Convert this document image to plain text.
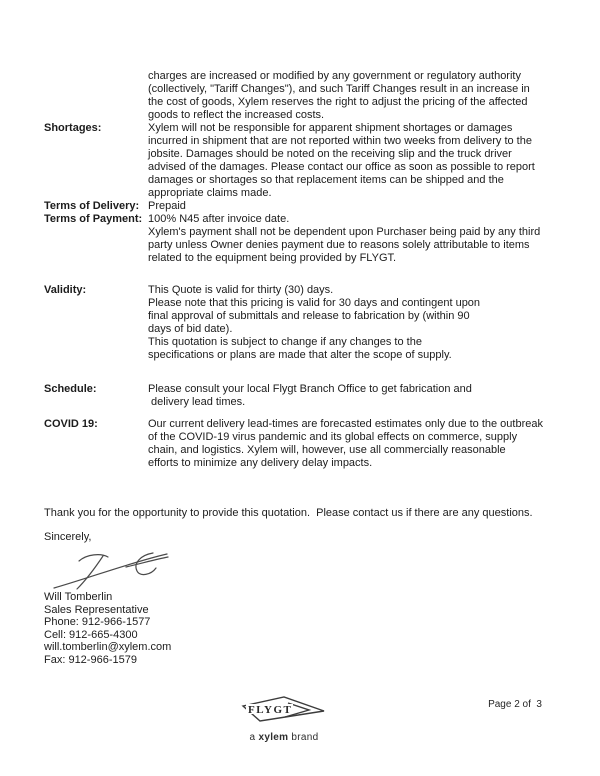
charges are increased or modified by any government or regulatory authority
(collectively, "Tariff Changes"), and such Tariff Changes result in an increase in
the cost of goods, Xylem reserves the right to adjust the pricing of the affected
goods to reflect the increased costs.
Shortages:	Xylem will not be responsible for apparent shipment shortages or damages
incurred in shipment that are not reported within two weeks from delivery to the
jobsite. Damages should be noted on the receiving slip and the truck driver
advised of the damages. Please contact our office as soon as possible to report
damages or shortages so that replacement items can be shipped and the
appropriate claims made.
Terms of Delivery: Prepaid
Terms of Payment: 100% N45 after invoice date.
Xylem's payment shall not be dependent upon Purchaser being paid by any third
party unless Owner denies payment due to reasons solely attributable to items
related to the equipment being provided by FLYGT.
Validity:	This Quote is valid for thirty (30) days.
Please note that this pricing is valid for 30 days and contingent upon
final approval of submittals and release to fabrication by (within 90
days of bid date).
This quotation is subject to change if any changes to the
specifications or plans are made that alter the scope of supply.
Schedule:	Please consult your local Flygt Branch Office to get fabrication and
delivery lead times.
COVID 19:	Our current delivery lead-times are forecasted estimates only due to the outbreak
of the COVID-19 virus pandemic and its global effects on commerce, supply
chain, and logistics. Xylem will, however, use all commercially reasonable
efforts to minimize any delivery delay impacts.
Thank you for the opportunity to provide this quotation.  Please contact us if there are any questions.
Sincerely,
Will Tomberlin
Sales Representative
Phone: 912-966-1577
Cell: 912-665-4300
will.tomberlin@xylem.com
Fax: 912-966-1579
Page 2 of  3
FLYGT
a xylem brand
